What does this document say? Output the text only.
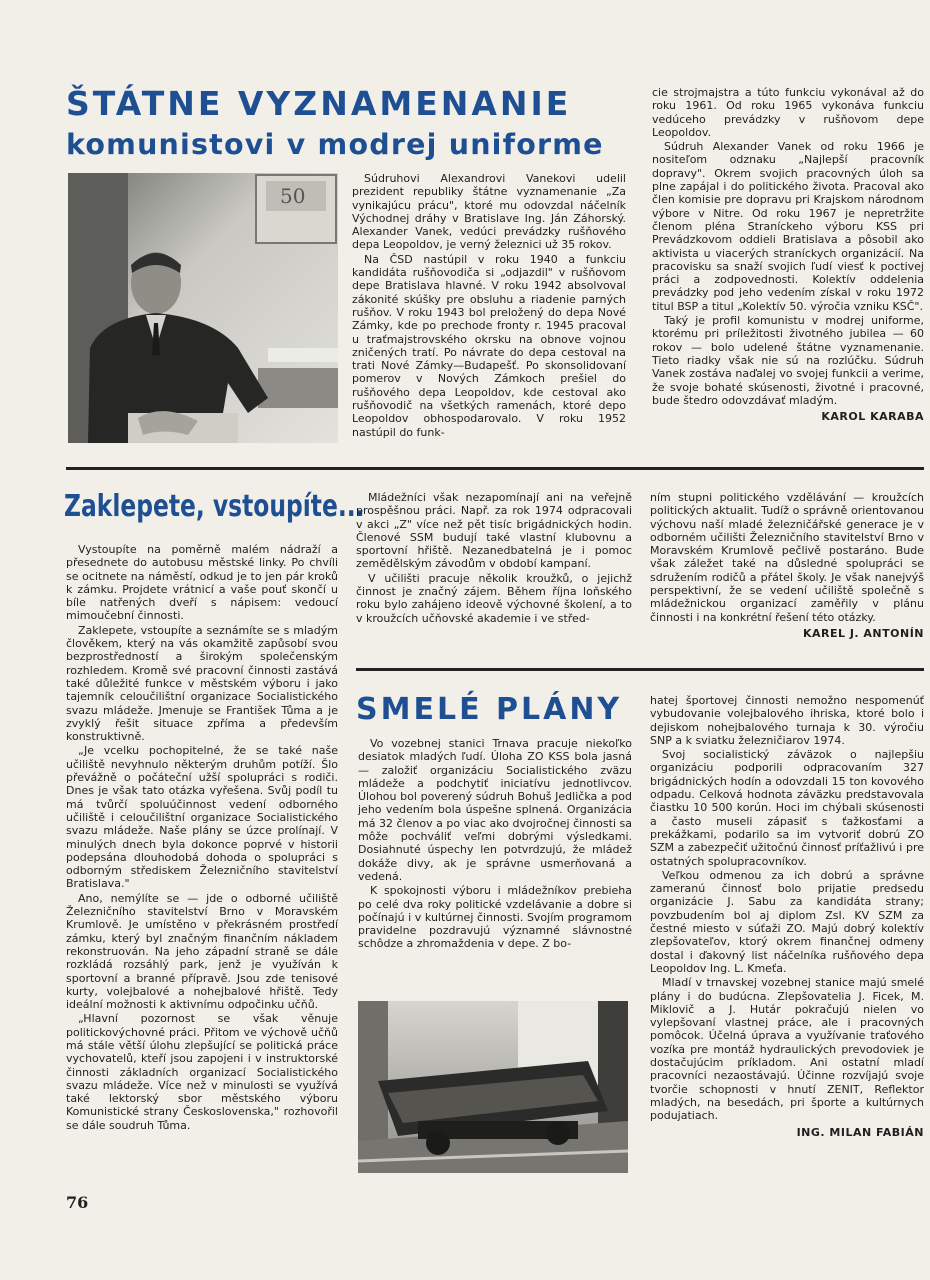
ŠTÁTNE VYZNAMENANIE
komunistovi v modrej uniforme
50

Súdruhovi Alexandrovi Vanekovi udelil prezident republiky štátne vyznamenanie „Za vynikajúcu prácu", ktoré mu odovzdal náčelník Východnej dráhy v Bratislave Ing. Ján Záhorský. Alexander Vanek, vedúci prevádzky rušňového depa Leopoldov, je verný železnici už 35 rokov.

Na ČSD nastúpil v roku 1940 a funkciu kandidáta rušňovodiča si „odjazdil" v rušňovom depe Bratislava hlavné. V roku 1942 absolvoval zákonité skúšky pre obsluhu a riadenie parných rušňov. V roku 1943 bol preložený do depa Nové Zámky, kde po prechode fronty r. 1945 pracoval u traťmajstrovského okrsku na obnove vojnou zničených tratí. Po návrate do depa cestoval na trati Nové Zámky—Budapešť. Po skonsolidovaní pomerov v Nových Zámkoch prešiel do rušňového depa Leopoldov, kde cestoval ako rušňovodič na všetkých ramenách, ktoré depo Leopoldov obhospodarovalo. V roku 1952 nastúpil do funk-

cie strojmajstra a túto funkciu vykonával až do roku 1961. Od roku 1965 vykonáva funkciu vedúceho prevádzky v rušňovom depe Leopoldov.

Súdruh Alexander Vanek od roku 1966 je nositeľom odznaku „Najlepší pracovník dopravy". Okrem svojich pracovných úloh sa plne zapájal i do politického života. Pracoval ako člen komisie pre dopravu pri Krajskom národnom výbore v Nitre. Od roku 1967 je nepretržite členom pléna Straníckeho výboru KSS pri Prevádzkovom oddieli Bratislava a pôsobil ako aktivista u viacerých straníckych organizácií. Na pracovisku sa snaží svojich ľudí viesť k poctivej práci a zodpovednosti. Kolektív oddelenia prevádzky pod jeho vedením získal v roku 1972 titul BSP a titul „Kolektív 50. výročia vzniku KSČ".

Taký je profil komunistu v modrej uniforme, ktorému pri príležitosti životného jubilea — 60 rokov — bolo udelené štátne vyznamenanie. Tieto riadky však nie sú na rozlúčku. Súdruh Vanek zostáva naďalej vo svojej funkcii a verime, že svoje bohaté skúsenosti, životné i pracovné, bude štedro odovzdávať mladým.

KAROL KARABA
Zaklepete, vstoupíte...

Vystoupíte na poměrně malém nádraží a přesednete do autobusu městské linky. Po chvíli se ocitnete na náměstí, odkud je to jen pár kroků k zámku. Projdete vrátnicí a vaše pouť skončí u bíle natřených dveří s nápisem: vedoucí mimoučební činnosti.

Zaklepete, vstoupíte a seznámíte se s mladým člověkem, který na vás okamžitě zapůsobí svou bezprostředností a širokým společenským rozhledem. Kromě své pracovní činnosti zastává také důležité funkce v městském výboru i jako tajemník celoučilištní organizace Socialistického svazu mládeže. Jmenuje se František Tůma a je zvyklý řešit situace zpříma a především konstruktivně.

„Je vcelku pochopitelné, že se také naše učiliště nevyhnulo některým druhům potíží. Šlo převážně o počáteční užší spolupráci s rodiči. Dnes je však tato otázka vyřešena. Svůj podíl tu má tvůrčí spoluúčinnost vedení odborného učiliště i celoučilištní organizace Socialistického svazu mládeže. Naše plány se úzce prolínají. V minulých dnech byla dokonce poprvé v historii podepsána dlouhodobá dohoda o spolupráci s odborným střediskem Železničního stavitelství Bratislava."

Ano, nemýlíte se — jde o odborné učiliště Železničního stavitelství Brno v Moravském Krumlově. Je umístěno v překrásném prostředí zámku, který byl značným finančním nákladem rekonstruován. Na jeho západní straně se dále rozkládá rozsáhlý park, jenž je využíván k sportovní a branné přípravě. Jsou zde tenisové kurty, volejbalové a nohejbalové hřiště. Tedy ideální možnosti k aktivnímu odpočinku učňů.

„Hlavní pozornost se však věnuje politickovýchovné práci. Přitom ve výchově učňů má stále větší úlohu zlepšující se politická práce vychovatelů, kteří jsou zapojeni i v instruktorské činnosti základních organizací Socialistického svazu mládeže. Více než v minulosti se využívá také lektorský sbor městského výboru Komunistické strany Československa," rozhovořil se dále soudruh Tůma.

Mládežníci však nezapomínají ani na veřejně prospěšnou práci. Např. za rok 1974 odpracovali v akci „Z" více než pět tisíc brigádnických hodin. Členové SSM budují také vlastní klubovnu a sportovní hřiště. Nezanedbatelná je i pomoc zemědělským závodům v období kampaní.

V učilišti pracuje několik kroužků, o jejichž činnost je značný zájem. Během října loňského roku bylo zahájeno ideově výchovné školení, a to v kroužcích učňovské akademie i ve střed-

ním stupni politického vzdělávání — kroužcích politických aktualit. Tudíž o správně orientovanou výchovu naší mladé železničářské generace je v odborném učilišti Železničního stavitelství Brno v Moravském Krumlově pečlivě postaráno. Bude však záležet také na důsledné spolupráci se sdružením rodičů a přátel školy. Je však nanejvýš perspektivní, že se vedení učiliště společně s mládežnickou organizací zaměřily v plánu činnosti i na konkrétní řešení této otázky.

KAREL J. ANTONÍN
SMELÉ PLÁNY

Vo vozebnej stanici Trnava pracuje niekoľko desiatok mladých ľudí. Úloha ZO KSS bola jasná — založiť organizáciu Socialistického zväzu mládeže a podchytiť iniciatívu jednotlivcov. Úlohou bol poverený súdruh Bohuš Jedlička a pod jeho vedením bola úspešne splnená. Organizácia má 32 členov a po viac ako dvojročnej činnosti sa môže pochváliť veľmi dobrými výsledkami. Dosiahnuté úspechy len potvrdzujú, že mládež dokáže divy, ak je správne usmerňovaná a vedená.

K spokojnosti výboru i mládežníkov prebieha po celé dva roky politické vzdelávanie a dobre si počínajú i v kultúrnej činnosti. Svojím programom pravidelne pozdravujú významné slávnostné schôdze a zhromaždenia v depe. Z bo-

hatej športovej činnosti nemožno nespomenúť vybudovanie volejbalového ihriska, ktoré bolo i dejiskom nohejbalového turnaja k 30. výročiu SNP a k sviatku železničiarov 1974.

Svoj socialistický záväzok o najlepšiu organizáciu podporili odpracovaním 327 brigádnických hodín a odovzdali 15 ton kovového odpadu. Celková hodnota záväzku predstavovala čiastku 10 500 korún. Hoci im chýbali skúsenosti a často museli zápasiť s ťažkosťami a prekážkami, podarilo sa im vytvoriť dobrú ZO SZM a zabezpečiť užitočnú činnosť príťažlivú i pre ostatných spolupracovníkov.

Veľkou odmenou za ich dobrú a správne zameranú činnosť bolo prijatie predsedu organizácie J. Sabu za kandidáta strany; povzbudením bol aj diplom ZsI. KV SZM za čestné miesto v súťaži ZO. Majú dobrý kolektív zlepšovateľov, ktorý okrem finančnej odmeny dostal i ďakovný list náčelníka rušňového depa Leopoldov Ing. L. Kmeťa.

Mladí v trnavskej vozebnej stanice majú smelé plány i do budúcna. Zlepšovatelia J. Ficek, M. Miklovič a J. Hutár pokračujú nielen vo vylepšovaní vlastnej práce, ale i pracovných pomôcok. Účelná úprava a využívanie traťového vozíka pre montáž hydraulických prevodoviek je dostačujúcim príkladom. Ani ostatní mladí pracovníci nezaostávajú. Účinne rozvíjajú svoje tvorčie schopnosti v hnutí ZENIT, Reflektor mladých, na besedách, pri športe a kultúrnych podujatiach.

ING. MILAN FABIÁN
76
